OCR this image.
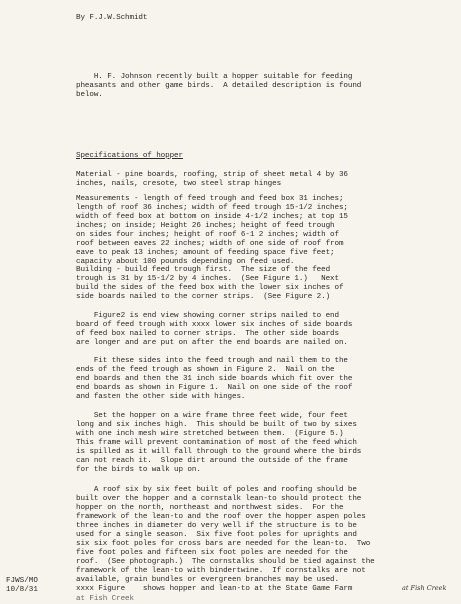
By F.J.W.Schmidt
H. F. Johnson recently built a hopper suitable for feeding
pheasants and other game birds.  A detailed description is found
below.
Specifications of hopper
Material - pine boards, roofing, strip of sheet metal 4 by 36
inches, nails, cresote, two steel strap hinges
Measurements - length of feed trough and feed box 31 inches;
length of roof 36 inches; width of feed trough 15-1/2 inches;
width of feed box at bottom on inside 4-1/2 inches; at top 15
inches; on inside; Height 26 inches; height of feed trough
on sides four inches; height of roof 6-1 2 inches; width of
roof between eaves 22 inches; width of one side of roof from
eave to peak 13 inches; amount of feeding space five feet;
capacity about 100 pounds depending on feed used.
Building - build feed trough first.  The size of the feed
trough is 31 by 15-1/2 by 4 inches.  (See Figure 1.)   Next
build the sides of the feed box with the lower six inches of
side boards nailed to the corner strips.  (See Figure 2.)
Figure2 is end view showing corner strips nailed to end
board of feed trough with xxxx lower six inches of side boards
of feed box nailed to corner strips.  The other side boards
are longer and are put on after the end boards are nailed on.
Fit these sides into the feed trough and nail them to the
ends of the feed trough as shown in Figure 2.  Nail on the
end boards and then the 31 inch side boards which fit over the
end boards as shown in Figure 1.  Nail on one side of the roof
and fasten the other side with hinges.
Set the hopper on a wire frame three feet wide, four feet
long and six inches high.  This should be built of two by sixes
with one inch mesh wire stretched between them.  (Figure 5.)
This frame will prevent contamination of most of the feed which
is spilled as it will fall through to the ground where the birds
can not reach it.  Slope dirt around the outside of the frame
for the birds to walk up on.
A roof six by six feet built of poles and roofing should be
built over the hopper and a cornstalk lean-to should protect the
hopper on the north, northeast and northwest sides.  For the
framework of the lean-to and the roof over the hopper aspen poles
three inches in diameter do very well if the structure is to be
used for a single season.  Six five foot poles for uprights and
six six foot poles for cross bars are needed for the lean-to.  Two
five foot poles and fifteen six foot poles are needed for the
roof.  (See photograph.)  The cornstalks should be tied against the
framework of the lean-to with bindertwine.  If cornstalks are not
available, grain bundles or evergreen branches may be used.
xxxx Figure    shows hopper and lean-to at the State Game Farm
FJWS/MO
10/8/31	at Fish Creek
at Fish Creek
